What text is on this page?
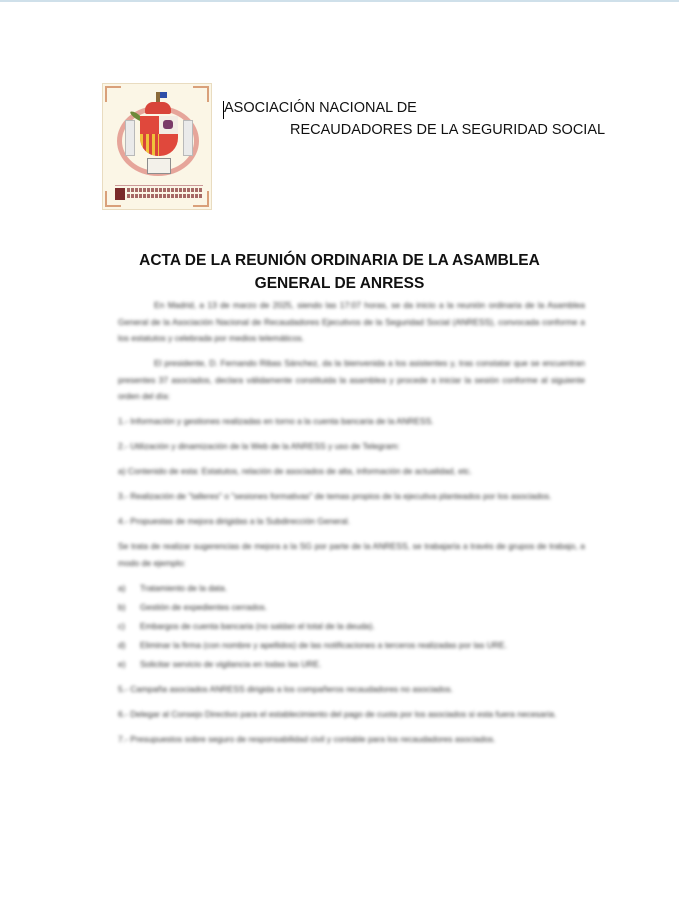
ASOCIACIÓN NACIONAL DE
RECAUDADORES DE LA SEGURIDAD SOCIAL
ACTA DE LA REUNIÓN ORDINARIA DE LA ASAMBLEA
GENERAL DE ANRESS

En Madrid, a 13 de marzo de 2025, siendo las 17:07 horas, se da inicio a la reunión ordinaria de la Asamblea General de la Asociación Nacional de Recaudadores Ejecutivos de la Seguridad Social (ANRESS), convocada conforme a los estatutos y celebrada por medios telemáticos.

El presidente, D. Fernando Ribas Sánchez, da la bienvenida a los asistentes y, tras constatar que se encuentran presentes 37 asociados, declara válidamente constituida la asamblea y procede a iniciar la sesión conforme al siguiente orden del día:

1.- Información y gestiones realizadas en torno a la cuenta bancaria de la ANRESS.

2.- Utilización y dinamización de la Web de la ANRESS y uso de Telegram:

a) Contenido de esta: Estatutos, relación de asociados de alta, información de actualidad, etc.

3.- Realización de "talleres" o "sesiones formativas" de temas propios de la ejecutiva planteados por los asociados.

4.- Propuestas de mejora dirigidas a la Subdirección General.

Se trata de realizar sugerencias de mejora a la SG por parte de la ANRESS, se trabajaría a través de grupos de trabajo, a modo de ejemplo:

a) Tratamiento de la data.
b) Gestión de expedientes cerrados.
c) Embargos de cuenta bancaria (no saldan el total de la deuda).
d) Eliminar la firma (con nombre y apellidos) de las notificaciones a terceros realizadas por las URE.
e) Solicitar servicio de vigilancia en todas las URE.

5.- Campaña asociados ANRESS dirigida a los compañeros recaudadores no asociados.

6.- Delegar al Consejo Directivo para el establecimiento del pago de cuota por los asociados si esta fuera necesaria.

7.- Presupuestos sobre seguro de responsabilidad civil y contable para los recaudadores asociados.
